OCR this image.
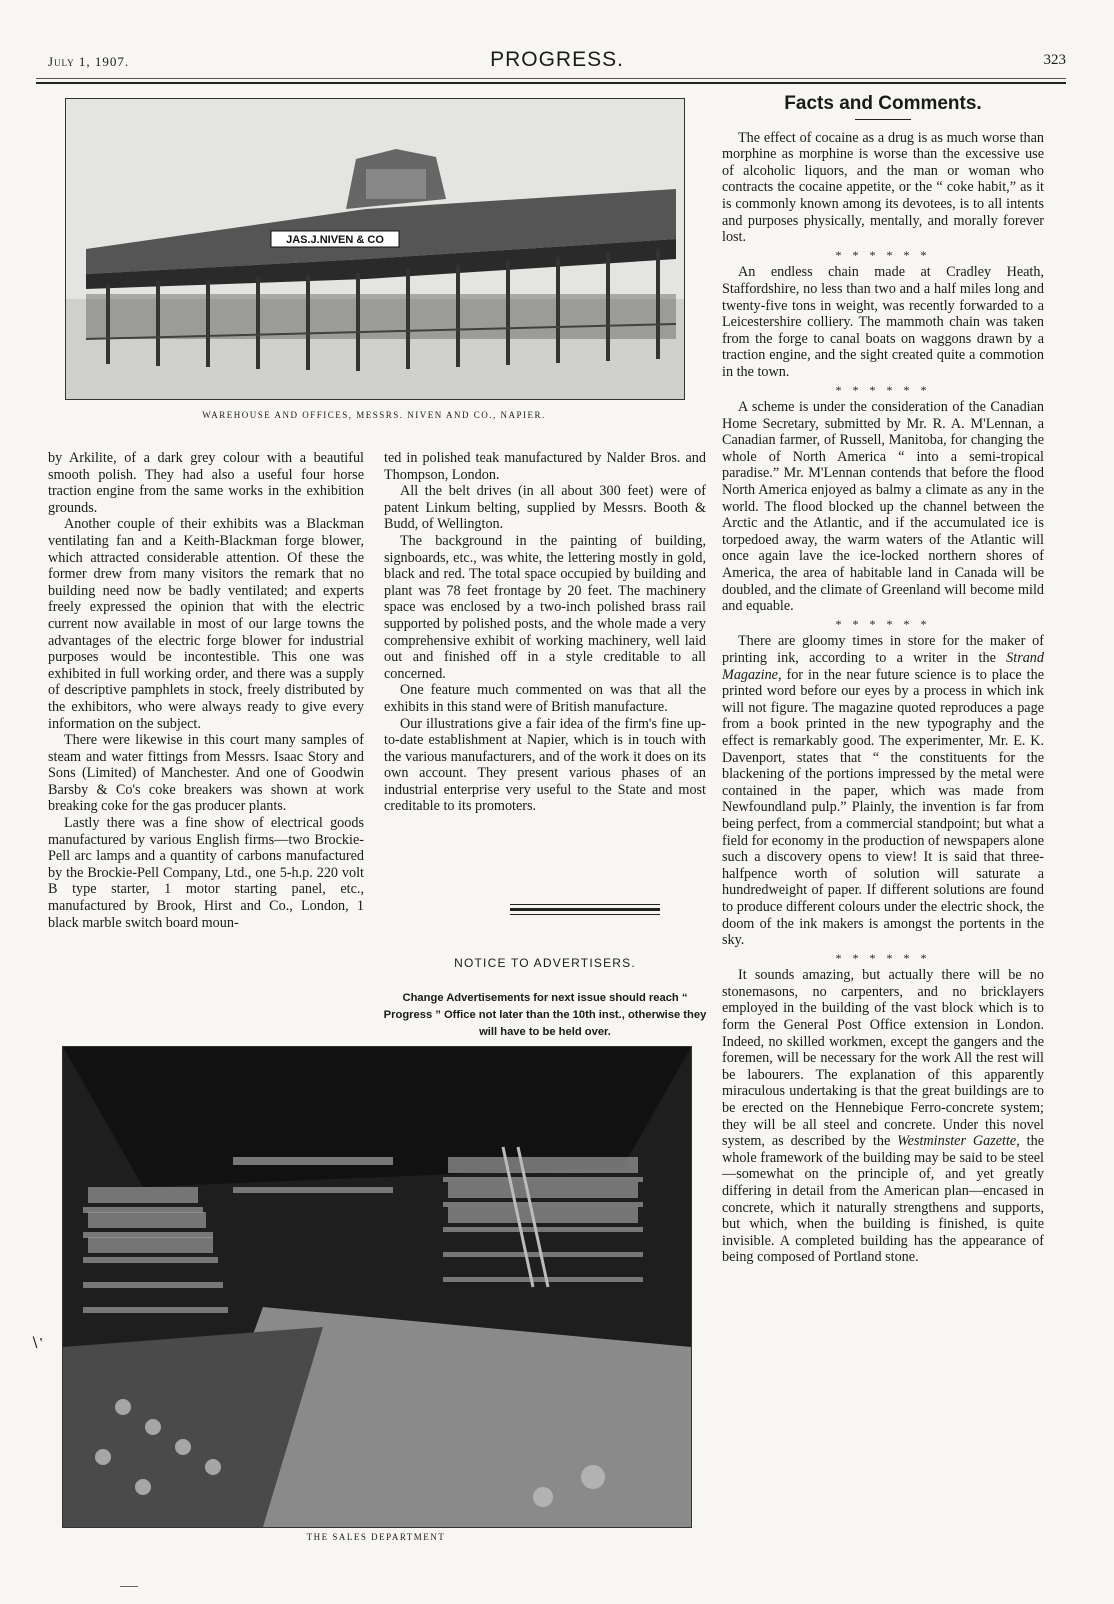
July 1, 1907.	PROGRESS.	323
JAS.J.NIVEN & CO
WAREHOUSE AND OFFICES, MESSRS. NIVEN AND CO., NAPIER.

by Arkilite, of a dark grey colour with a beautiful smooth polish. They had also a useful four horse traction engine from the same works in the exhibition grounds.

Another couple of their exhibits was a Blackman ventilating fan and a Keith-Blackman forge blower, which attracted considerable attention. Of these the former drew from many visitors the remark that no building need now be badly ventilated; and experts freely expressed the opinion that with the electric current now available in most of our large towns the advantages of the electric forge blower for industrial purposes would be incontestible. This one was exhibited in full working order, and there was a supply of descriptive pamphlets in stock, freely distributed by the exhibitors, who were always ready to give every information on the subject.

There were likewise in this court many samples of steam and water fittings from Messrs. Isaac Story and Sons (Limited) of Manchester. And one of Goodwin Barsby & Co's coke breakers was shown at work breaking coke for the gas producer plants.

Lastly there was a fine show of electrical goods manufactured by various English firms—two Brockie-Pell arc lamps and a quantity of carbons manufactured by the Brockie-Pell Company, Ltd., one 5-h.p. 220 volt B type starter, 1 motor starting panel, etc., manufactured by Brook, Hirst and Co., London, 1 black marble switch board moun-

ted in polished teak manufactured by Nalder Bros. and Thompson, London.

All the belt drives (in all about 300 feet) were of patent Linkum belting, supplied by Messrs. Booth & Budd, of Wellington.

The background in the painting of building, signboards, etc., was white, the lettering mostly in gold, black and red. The total space occupied by building and plant was 78 feet frontage by 20 feet. The machinery space was enclosed by a two-inch polished brass rail supported by polished posts, and the whole made a very comprehensive exhibit of working machinery, well laid out and finished off in a style creditable to all concerned.

One feature much commented on was that all the exhibits in this stand were of British manufacture.

Our illustrations give a fair idea of the firm's fine up-to-date establishment at Napier, which is in touch with the various manufacturers, and of the work it does on its own account. They present various phases of an industrial enterprise very useful to the State and most creditable to its promoters.

NOTICE TO ADVERTISERS.
Change Advertisements for next issue should reach “ Progress ” Office not later than the 10th inst., otherwise they will have to be held over.
THE SALES DEPARTMENT
Facts and Comments.

The effect of cocaine as a drug is as much worse than morphine as morphine is worse than the excessive use of alcoholic liquors, and the man or woman who contracts the cocaine appetite, or the “ coke habit,” as it is commonly known among its devotees, is to all intents and purposes physically, mentally, and morally forever lost.

* * * * * *

An endless chain made at Cradley Heath, Staffordshire, no less than two and a half miles long and twenty-five tons in weight, was recently forwarded to a Leicestershire colliery. The mammoth chain was taken from the forge to canal boats on waggons drawn by a traction engine, and the sight created quite a commotion in the town.

* * * * * *

A scheme is under the consideration of the Canadian Home Secretary, submitted by Mr. R. A. M'Lennan, a Canadian farmer, of Russell, Manitoba, for changing the whole of North America “ into a semi-tropical paradise.” Mr. M'Lennan contends that before the flood North America enjoyed as balmy a climate as any in the world. The flood blocked up the channel between the Arctic and the Atlantic, and if the accumulated ice is torpedoed away, the warm waters of the Atlantic will once again lave the ice-locked northern shores of America, the area of habitable land in Canada will be doubled, and the climate of Greenland will become mild and equable.

* * * * * *

There are gloomy times in store for the maker of printing ink, according to a writer in the Strand Magazine, for in the near future science is to place the printed word before our eyes by a process in which ink will not figure. The magazine quoted reproduces a page from a book printed in the new typography and the effect is remarkably good. The experimenter, Mr. E. K. Davenport, states that “ the constituents for the blackening of the portions impressed by the metal were contained in the paper, which was made from Newfoundland pulp.” Plainly, the invention is far from being perfect, from a commercial standpoint; but what a field for economy in the production of newspapers alone such a discovery opens to view! It is said that three-halfpence worth of solution will saturate a hundredweight of paper. If different solutions are found to produce different colours under the electric shock, the doom of the ink makers is amongst the portents in the sky.

* * * * * *

It sounds amazing, but actually there will be no stonemasons, no carpenters, and no bricklayers employed in the building of the vast block which is to form the General Post Office extension in London. Indeed, no skilled workmen, except the gangers and the foremen, will be necessary for the work All the rest will be labourers. The explanation of this apparently miraculous undertaking is that the great buildings are to be erected on the Hennebique Ferro-concrete system; they will be all steel and concrete. Under this novel system, as described by the Westminster Gazette, the whole framework of the building may be said to be steel—somewhat on the principle of, and yet greatly differing in detail from the American plan—encased in concrete, which it naturally strengthens and supports, but which, when the building is finished, is quite invisible. A completed building has the appearance of being composed of Portland stone.

∖‛
